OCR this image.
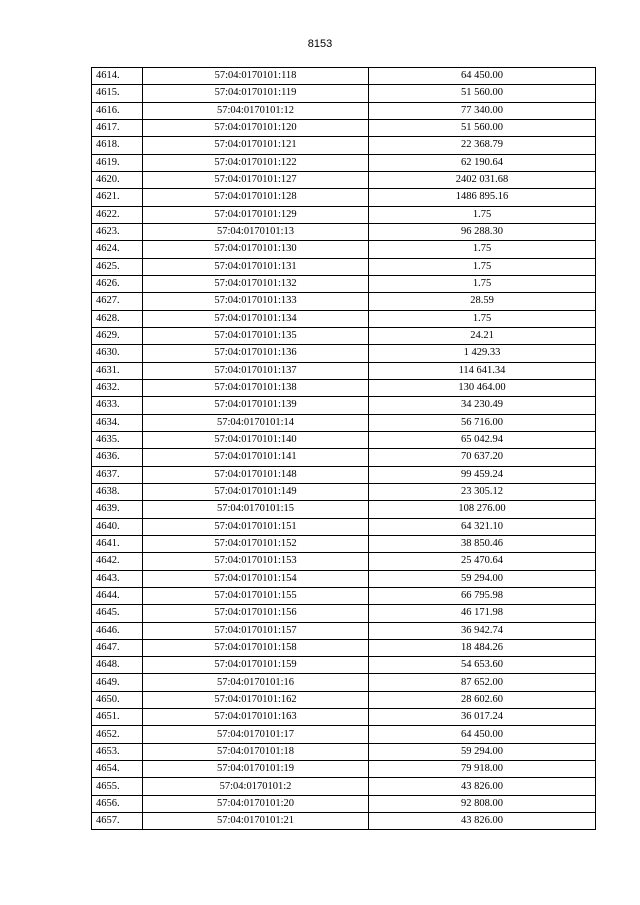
8153
4614.	57:04:0170101:118	64 450.00
4615.	57:04:0170101:119	51 560.00
4616.	57:04:0170101:12	77 340.00
4617.	57:04:0170101:120	51 560.00
4618.	57:04:0170101:121	22 368.79
4619.	57:04:0170101:122	62 190.64
4620.	57:04:0170101:127	2402 031.68
4621.	57:04:0170101:128	1486 895.16
4622.	57:04:0170101:129	1.75
4623.	57:04:0170101:13	96 288.30
4624.	57:04:0170101:130	1.75
4625.	57:04:0170101:131	1.75
4626.	57:04:0170101:132	1.75
4627.	57:04:0170101:133	28.59
4628.	57:04:0170101:134	1.75
4629.	57:04:0170101:135	24.21
4630.	57:04:0170101:136	1 429.33
4631.	57:04:0170101:137	114 641.34
4632.	57:04:0170101:138	130 464.00
4633.	57:04:0170101:139	34 230.49
4634.	57:04:0170101:14	56 716.00
4635.	57:04:0170101:140	65 042.94
4636.	57:04:0170101:141	70 637.20
4637.	57:04:0170101:148	99 459.24
4638.	57:04:0170101:149	23 305.12
4639.	57:04:0170101:15	108 276.00
4640.	57:04:0170101:151	64 321.10
4641.	57:04:0170101:152	38 850.46
4642.	57:04:0170101:153	25 470.64
4643.	57:04:0170101:154	59 294.00
4644.	57:04:0170101:155	66 795.98
4645.	57:04:0170101:156	46 171.98
4646.	57:04:0170101:157	36 942.74
4647.	57:04:0170101:158	18 484.26
4648.	57:04:0170101:159	54 653.60
4649.	57:04:0170101:16	87 652.00
4650.	57:04:0170101:162	28 602.60
4651.	57:04:0170101:163	36 017.24
4652.	57:04:0170101:17	64 450.00
4653.	57:04:0170101:18	59 294.00
4654.	57:04:0170101:19	79 918.00
4655.	57:04:0170101:2	43 826.00
4656.	57:04:0170101:20	92 808.00
4657.	57:04:0170101:21	43 826.00
